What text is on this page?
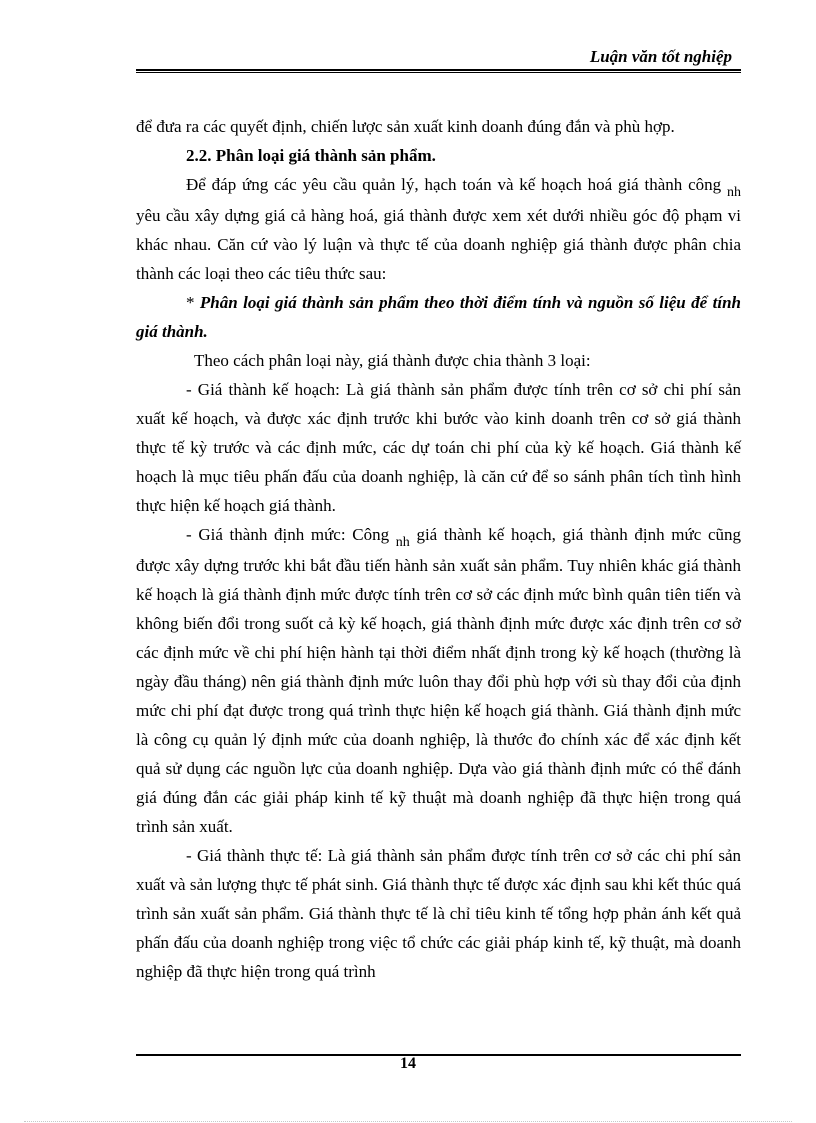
Luận văn tốt nghiệp

để đưa ra các quyết định, chiến lược sản xuất kinh doanh đúng đắn và phù hợp.

2.2. Phân loại giá thành sản phẩm.

Để đáp ứng các yêu cầu quản lý, hạch toán và kế hoạch hoá giá thành công $_{nh}$ yêu cầu xây dựng giá cả hàng hoá, giá thành được xem xét dưới nhiều góc độ phạm vi khác nhau. Căn cứ vào lý luận và thực tế của doanh nghiệp giá thành được phân chia thành các loại theo các tiêu thức sau:

* Phân loại giá thành sản phẩm theo thời điểm tính và nguồn số liệu để tính giá thành.

Theo cách phân loại này, giá thành được chia thành 3 loại:

- Giá thành kế hoạch: Là giá thành sản phẩm được tính trên cơ sở chi phí sản xuất kế hoạch, và được xác định trước khi bước vào kinh doanh trên cơ sở giá thành thực tế kỳ trước và các định mức, các dự toán chi phí của kỳ kế hoạch. Giá thành kế hoạch là mục tiêu phấn đấu của doanh nghiệp, là căn cứ để so sánh phân tích tình hình thực hiện kế hoạch giá thành.

- Giá thành định mức: Công $_{nh}$ giá thành kế hoạch, giá thành định mức cũng được xây dựng trước khi bắt đầu tiến hành sản xuất sản phẩm. Tuy nhiên khác giá thành kế hoạch là giá thành định mức được tính trên cơ sở các định mức bình quân tiên tiến và không biến đổi trong suốt cả kỳ kế hoạch, giá thành định mức được xác định trên cơ sở các định mức về chi phí hiện hành tại thời điểm nhất định trong kỳ kế hoạch (thường là ngày đầu tháng) nên giá thành định mức luôn thay đổi phù hợp với sù thay đổi của định mức chi phí đạt được trong quá trình thực hiện kế hoạch giá thành. Giá thành định mức là công cụ quản lý định mức của doanh nghiệp, là thước đo chính xác để xác định kết quả sử dụng các nguồn lực của doanh nghiệp. Dựa vào giá thành định mức có thể đánh giá đúng đắn các giải pháp kinh tế kỹ thuật mà doanh nghiệp đã thực hiện trong quá trình sản xuất.

- Giá thành thực tế: Là giá thành sản phẩm được tính trên cơ sở các chi phí sản xuất và sản lượng thực tế phát sinh. Giá thành thực tế được xác định sau khi kết thúc quá trình sản xuất sản phẩm. Giá thành thực tế là chỉ tiêu kinh tế tổng hợp phản ánh kết quả phấn đấu của doanh nghiệp trong việc tổ chức các giải pháp kinh tế, kỹ thuật, mà doanh nghiệp đã thực hiện trong quá trình

14
